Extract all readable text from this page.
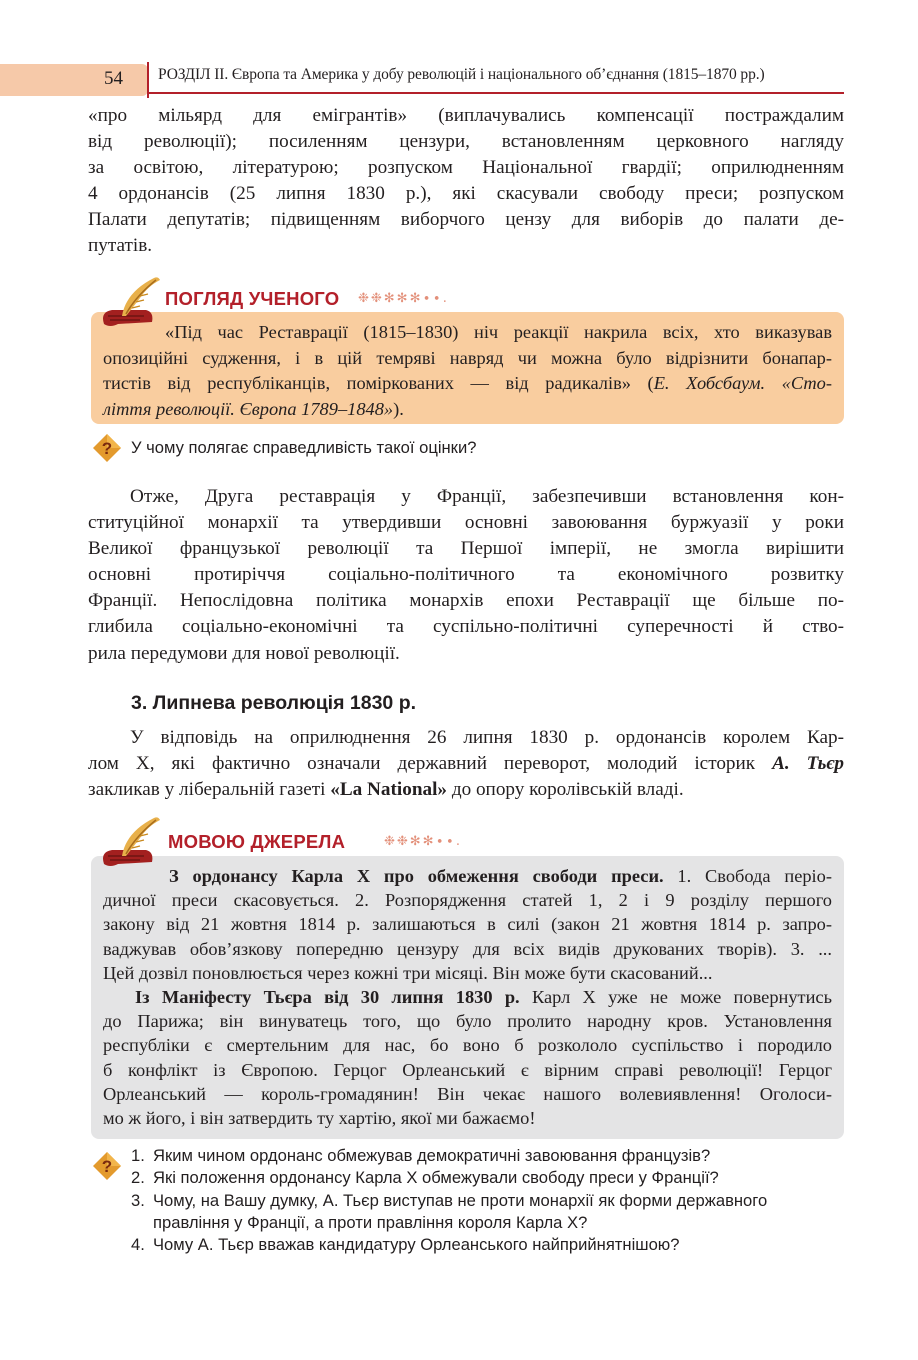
54 РОЗДІЛ ІІ. Європа та Америка у добу революцій і національного об’єднання (1815–1870 рр.)
«про мільярд для емігрантів» (виплачувались компенсації постраждалим
від революції); посиленням цензури, встановленням церковного нагляду
за освітою, літературою; розпуском Національної гвардії; оприлюдненням
4 ордонансів (25 липня 1830 р.), які скасували свободу преси; розпуском
Палати депутатів; підвищенням виборчого цензу для виборів до палати де-
путатів.
ПОГЛЯД УЧЕНОГО ❉❉✻✻✻∙∙.
«Під час Реставрації (1815–1830) ніч реакції накрила всіх, хто виказував
опозиційні судження, і в цій темряві навряд чи можна було відрізнити бонапар-
тистів від республіканців, поміркованих — від радикалів» (Е. Хобсбаум. «Сто-
ліття революції. Європа 1789–1848»).
? У чому полягає справедливість такої оцінки?
Отже, Друга реставрація у Франції, забезпечивши встановлення кон-
ституційної монархії та утвердивши основні завоювання буржуазії у роки
Великої французької революції та Першої імперії, не змогла вирішити
основні протиріччя соціально-політичного та економічного розвитку
Франції. Непослідовна політика монархів епохи Реставрації ще більше по-
глибила соціально-економічні та суспільно-політичні суперечності й ство-
рила передумови для нової революції.
3. Липнева революція 1830 р.
У відповідь на оприлюднення 26 липня 1830 р. ордонансів королем Кар-
лом X, які фактично означали державний переворот, молодий історик А. Тьєр
закликав у ліберальній газеті «La National» до опору королівській владі.
МОВОЮ ДЖЕРЕЛА	❉❉✻✻∙∙.
З ордонансу Карла X про обмеження свободи преси. 1. Свобода періо-
дичної преси скасовується. 2. Розпорядження статей 1, 2 і 9 розділу першого
закону від 21 жовтня 1814 р. залишаються в силі (закон 21 жовтня 1814 р. запро-
ваджував обов’язкову попередню цензуру для всіх видів друкованих творів). 3. ...
Цей дозвіл поновлюється через кожні три місяці. Він може бути скасований...
Із Маніфесту Тьєра від 30 липня 1830 р. Карл X уже не може повернутись
до Парижа; він винуватець того, що було пролито народну кров. Установлення
республіки є смертельним для нас, бо воно б розкололо суспільство і породило
б конфлікт із Європою. Герцог Орлеанський є вірним справі революції! Герцог
Орлеанський — король-громадянин! Він чекає нашого волевиявлення! Оголоси-
мо ж його, і він затвердить ту хартію, якої ми бажаємо!
?
1. Яким чином ордонанс обмежував демократичні завоювання французів?
2. Які положення ордонансу Карла X обмежували свободу преси у Франції?
3. Чому, на Вашу думку, А. Тьєр виступав не проти монархії як форми державного
правління у Франції, а проти правління короля Карла X?
4. Чому А. Тьєр вважав кандидатуру Орлеанського найприйнятнішою?
